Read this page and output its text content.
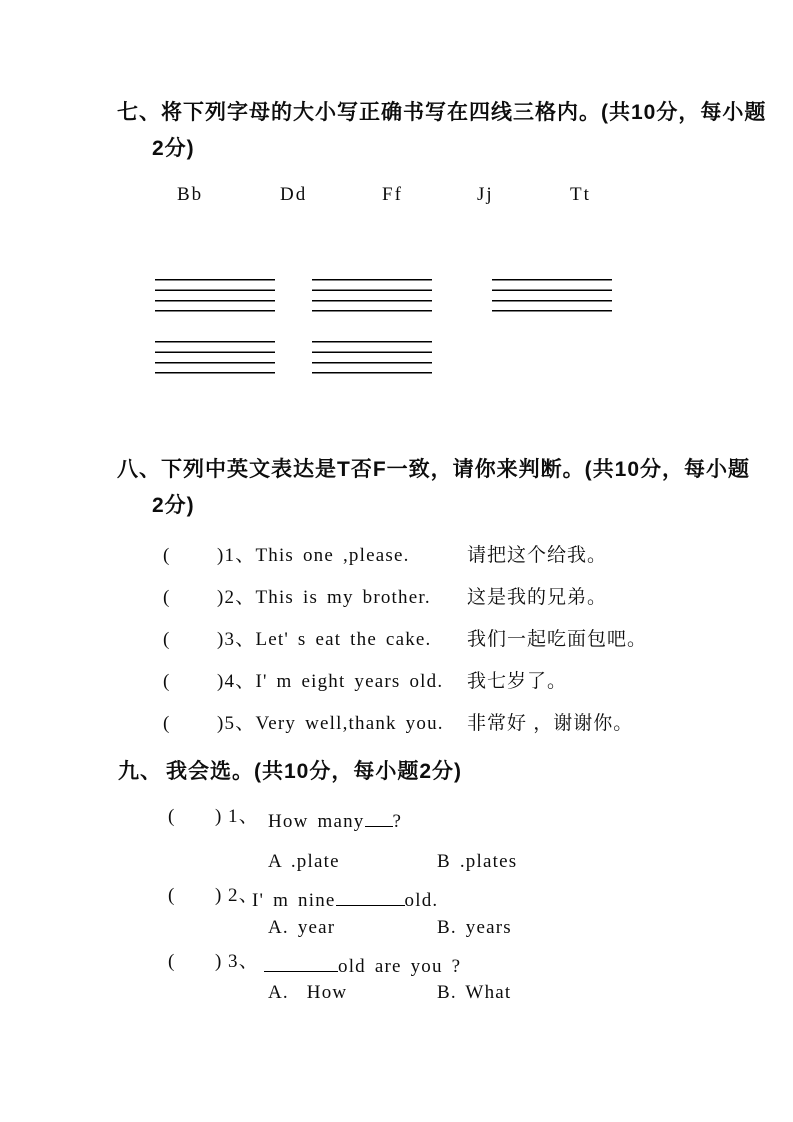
七、将下列字母的大小写正确书写在四线三格内。(共10分，每小题
2分)
Bb	Dd	Ff	Jj	Tt
八、下列中英文表达是T否F一致，请你来判断。(共10分，每小题
2分)
( )1、This one ,please.	请把这个给我。
( )2、This is my brother. 这是我的兄弟。
( )3、Let' s eat the cake. 我们一起吃面包吧。
( )4、I' m eight years old. 我七岁了。
( )5、Very well,thank you. 非常好 ，谢谢你。
九、 我会选。(共10分，每小题2分)
( ) 1、 How many ?
A .plate	B .plates
( ) 2、
I' m nine	old.
A. year	B. years
( ) 3、	old are you ?
A.  How	B. What
